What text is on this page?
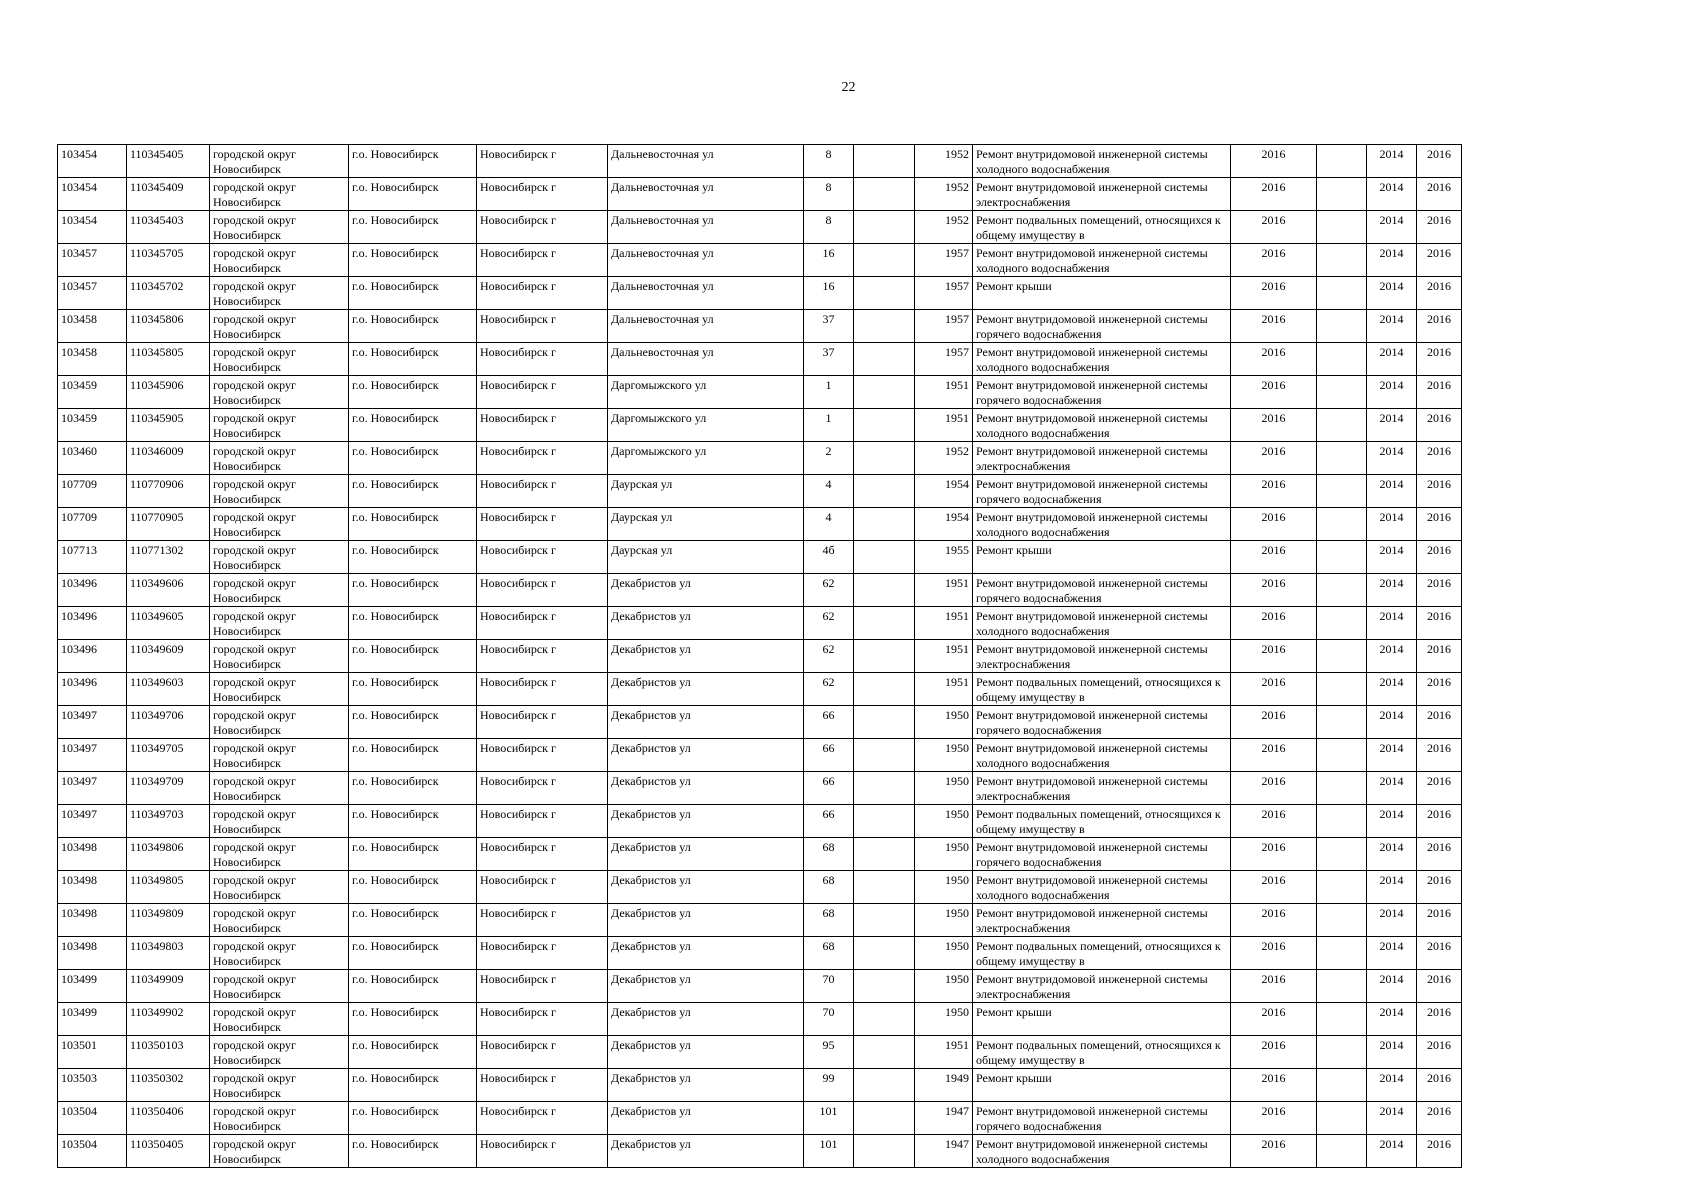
22
103454	110345405	городской округ Новосибирск	г.о. Новосибирск	Новосибирск г	Дальневосточная ул	8		1952	Ремонт внутридомовой инженерной системы холодного водоснабжения	2016		2014	2016
103454	110345409	городской округ Новосибирск	г.о. Новосибирск	Новосибирск г	Дальневосточная ул	8		1952	Ремонт внутридомовой инженерной системы электроснабжения	2016		2014	2016
103454	110345403	городской округ Новосибирск	г.о. Новосибирск	Новосибирск г	Дальневосточная ул	8		1952	Ремонт подвальных помещений, относящихся к общему имуществу в	2016		2014	2016
103457	110345705	городской округ Новосибирск	г.о. Новосибирск	Новосибирск г	Дальневосточная ул	16		1957	Ремонт внутридомовой инженерной системы холодного водоснабжения	2016		2014	2016
103457	110345702	городской округ Новосибирск	г.о. Новосибирск	Новосибирск г	Дальневосточная ул	16		1957	Ремонт крыши	2016		2014	2016
103458	110345806	городской округ Новосибирск	г.о. Новосибирск	Новосибирск г	Дальневосточная ул	37		1957	Ремонт внутридомовой инженерной системы горячего водоснабжения	2016		2014	2016
103458	110345805	городской округ Новосибирск	г.о. Новосибирск	Новосибирск г	Дальневосточная ул	37		1957	Ремонт внутридомовой инженерной системы холодного водоснабжения	2016		2014	2016
103459	110345906	городской округ Новосибирск	г.о. Новосибирск	Новосибирск г	Даргомыжского ул	1		1951	Ремонт внутридомовой инженерной системы горячего водоснабжения	2016		2014	2016
103459	110345905	городской округ Новосибирск	г.о. Новосибирск	Новосибирск г	Даргомыжского ул	1		1951	Ремонт внутридомовой инженерной системы холодного водоснабжения	2016		2014	2016
103460	110346009	городской округ Новосибирск	г.о. Новосибирск	Новосибирск г	Даргомыжского ул	2		1952	Ремонт внутридомовой инженерной системы электроснабжения	2016		2014	2016
107709	110770906	городской округ Новосибирск	г.о. Новосибирск	Новосибирск г	Даурская ул	4		1954	Ремонт внутридомовой инженерной системы горячего водоснабжения	2016		2014	2016
107709	110770905	городской округ Новосибирск	г.о. Новосибирск	Новосибирск г	Даурская ул	4		1954	Ремонт внутридомовой инженерной системы холодного водоснабжения	2016		2014	2016
107713	110771302	городской округ Новосибирск	г.о. Новосибирск	Новосибирск г	Даурская ул	4б		1955	Ремонт крыши	2016		2014	2016
103496	110349606	городской округ Новосибирск	г.о. Новосибирск	Новосибирск г	Декабристов ул	62		1951	Ремонт внутридомовой инженерной системы горячего водоснабжения	2016		2014	2016
103496	110349605	городской округ Новосибирск	г.о. Новосибирск	Новосибирск г	Декабристов ул	62		1951	Ремонт внутридомовой инженерной системы холодного водоснабжения	2016		2014	2016
103496	110349609	городской округ Новосибирск	г.о. Новосибирск	Новосибирск г	Декабристов ул	62		1951	Ремонт внутридомовой инженерной системы электроснабжения	2016		2014	2016
103496	110349603	городской округ Новосибирск	г.о. Новосибирск	Новосибирск г	Декабристов ул	62		1951	Ремонт подвальных помещений, относящихся к общему имуществу в	2016		2014	2016
103497	110349706	городской округ Новосибирск	г.о. Новосибирск	Новосибирск г	Декабристов ул	66		1950	Ремонт внутридомовой инженерной системы горячего водоснабжения	2016		2014	2016
103497	110349705	городской округ Новосибирск	г.о. Новосибирск	Новосибирск г	Декабристов ул	66		1950	Ремонт внутридомовой инженерной системы холодного водоснабжения	2016		2014	2016
103497	110349709	городской округ Новосибирск	г.о. Новосибирск	Новосибирск г	Декабристов ул	66		1950	Ремонт внутридомовой инженерной системы электроснабжения	2016		2014	2016
103497	110349703	городской округ Новосибирск	г.о. Новосибирск	Новосибирск г	Декабристов ул	66		1950	Ремонт подвальных помещений, относящихся к общему имуществу в	2016		2014	2016
103498	110349806	городской округ Новосибирск	г.о. Новосибирск	Новосибирск г	Декабристов ул	68		1950	Ремонт внутридомовой инженерной системы горячего водоснабжения	2016		2014	2016
103498	110349805	городской округ Новосибирск	г.о. Новосибирск	Новосибирск г	Декабристов ул	68		1950	Ремонт внутридомовой инженерной системы холодного водоснабжения	2016		2014	2016
103498	110349809	городской округ Новосибирск	г.о. Новосибирск	Новосибирск г	Декабристов ул	68		1950	Ремонт внутридомовой инженерной системы электроснабжения	2016		2014	2016
103498	110349803	городской округ Новосибирск	г.о. Новосибирск	Новосибирск г	Декабристов ул	68		1950	Ремонт подвальных помещений, относящихся к общему имуществу в	2016		2014	2016
103499	110349909	городской округ Новосибирск	г.о. Новосибирск	Новосибирск г	Декабристов ул	70		1950	Ремонт внутридомовой инженерной системы электроснабжения	2016		2014	2016
103499	110349902	городской округ Новосибирск	г.о. Новосибирск	Новосибирск г	Декабристов ул	70		1950	Ремонт крыши	2016		2014	2016
103501	110350103	городской округ Новосибирск	г.о. Новосибирск	Новосибирск г	Декабристов ул	95		1951	Ремонт подвальных помещений, относящихся к общему имуществу в	2016		2014	2016
103503	110350302	городской округ Новосибирск	г.о. Новосибирск	Новосибирск г	Декабристов ул	99		1949	Ремонт крыши	2016		2014	2016
103504	110350406	городской округ Новосибирск	г.о. Новосибирск	Новосибирск г	Декабристов ул	101		1947	Ремонт внутридомовой инженерной системы горячего водоснабжения	2016		2014	2016
103504	110350405	городской округ Новосибирск	г.о. Новосибирск	Новосибирск г	Декабристов ул	101		1947	Ремонт внутридомовой инженерной системы холодного водоснабжения	2016		2014	2016
